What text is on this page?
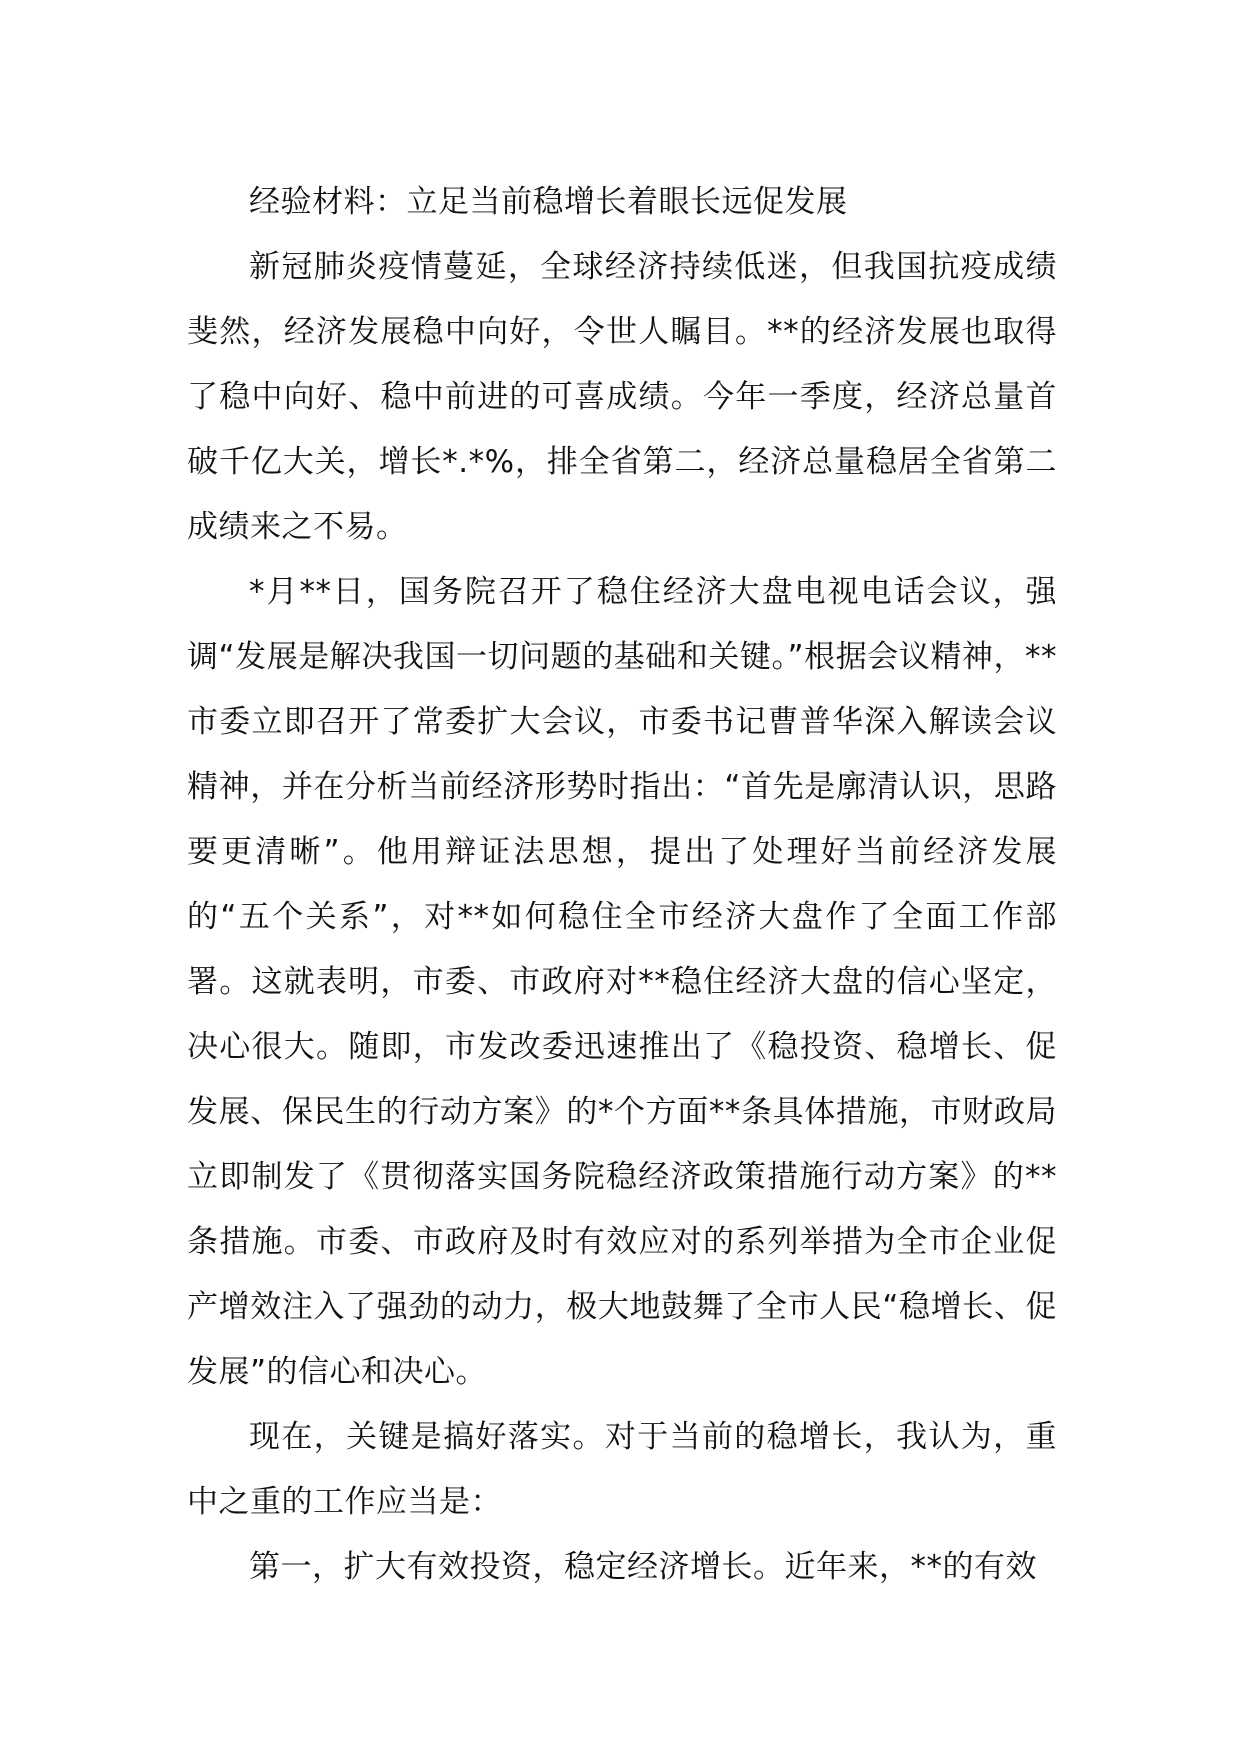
经验材料：立足当前稳增长着眼长远促发展

新冠肺炎疫情蔓延，全球经济持续低迷，但我国抗疫成绩斐然，经济发展稳中向好，令世人瞩目。**的经济发展也取得了稳中向好、稳中前进的可喜成绩。今年一季度，经济总量首破千亿大关，增长*.*%，排全省第二，经济总量稳居全省第二成绩来之不易。

*月**日，国务院召开了稳住经济大盘电视电话会议，强调“发展是解决我国一切问题的基础和关键。”根据会议精神，**市委立即召开了常委扩大会议，市委书记曹普华深入解读会议精神，并在分析当前经济形势时指出：“首先是廓清认识，思路要更清晰”。他用辩证法思想，提出了处理好当前经济发展的“五个关系”，对**如何稳住全市经济大盘作了全面工作部署。这就表明，市委、市政府对**稳住经济大盘的信心坚定，决心很大。随即，市发改委迅速推出了《稳投资、稳增长、促发展、保民生的行动方案》的*个方面**条具体措施，市财政局立即制发了《贯彻落实国务院稳经济政策措施行动方案》的**条措施。市委、市政府及时有效应对的系列举措为全市企业促产增效注入了强劲的动力，极大地鼓舞了全市人民“稳增长、促发展”的信心和决心。

现在，关键是搞好落实。对于当前的稳增长，我认为，重中之重的工作应当是：

第一，扩大有效投资，稳定经济增长。近年来，**的有效
